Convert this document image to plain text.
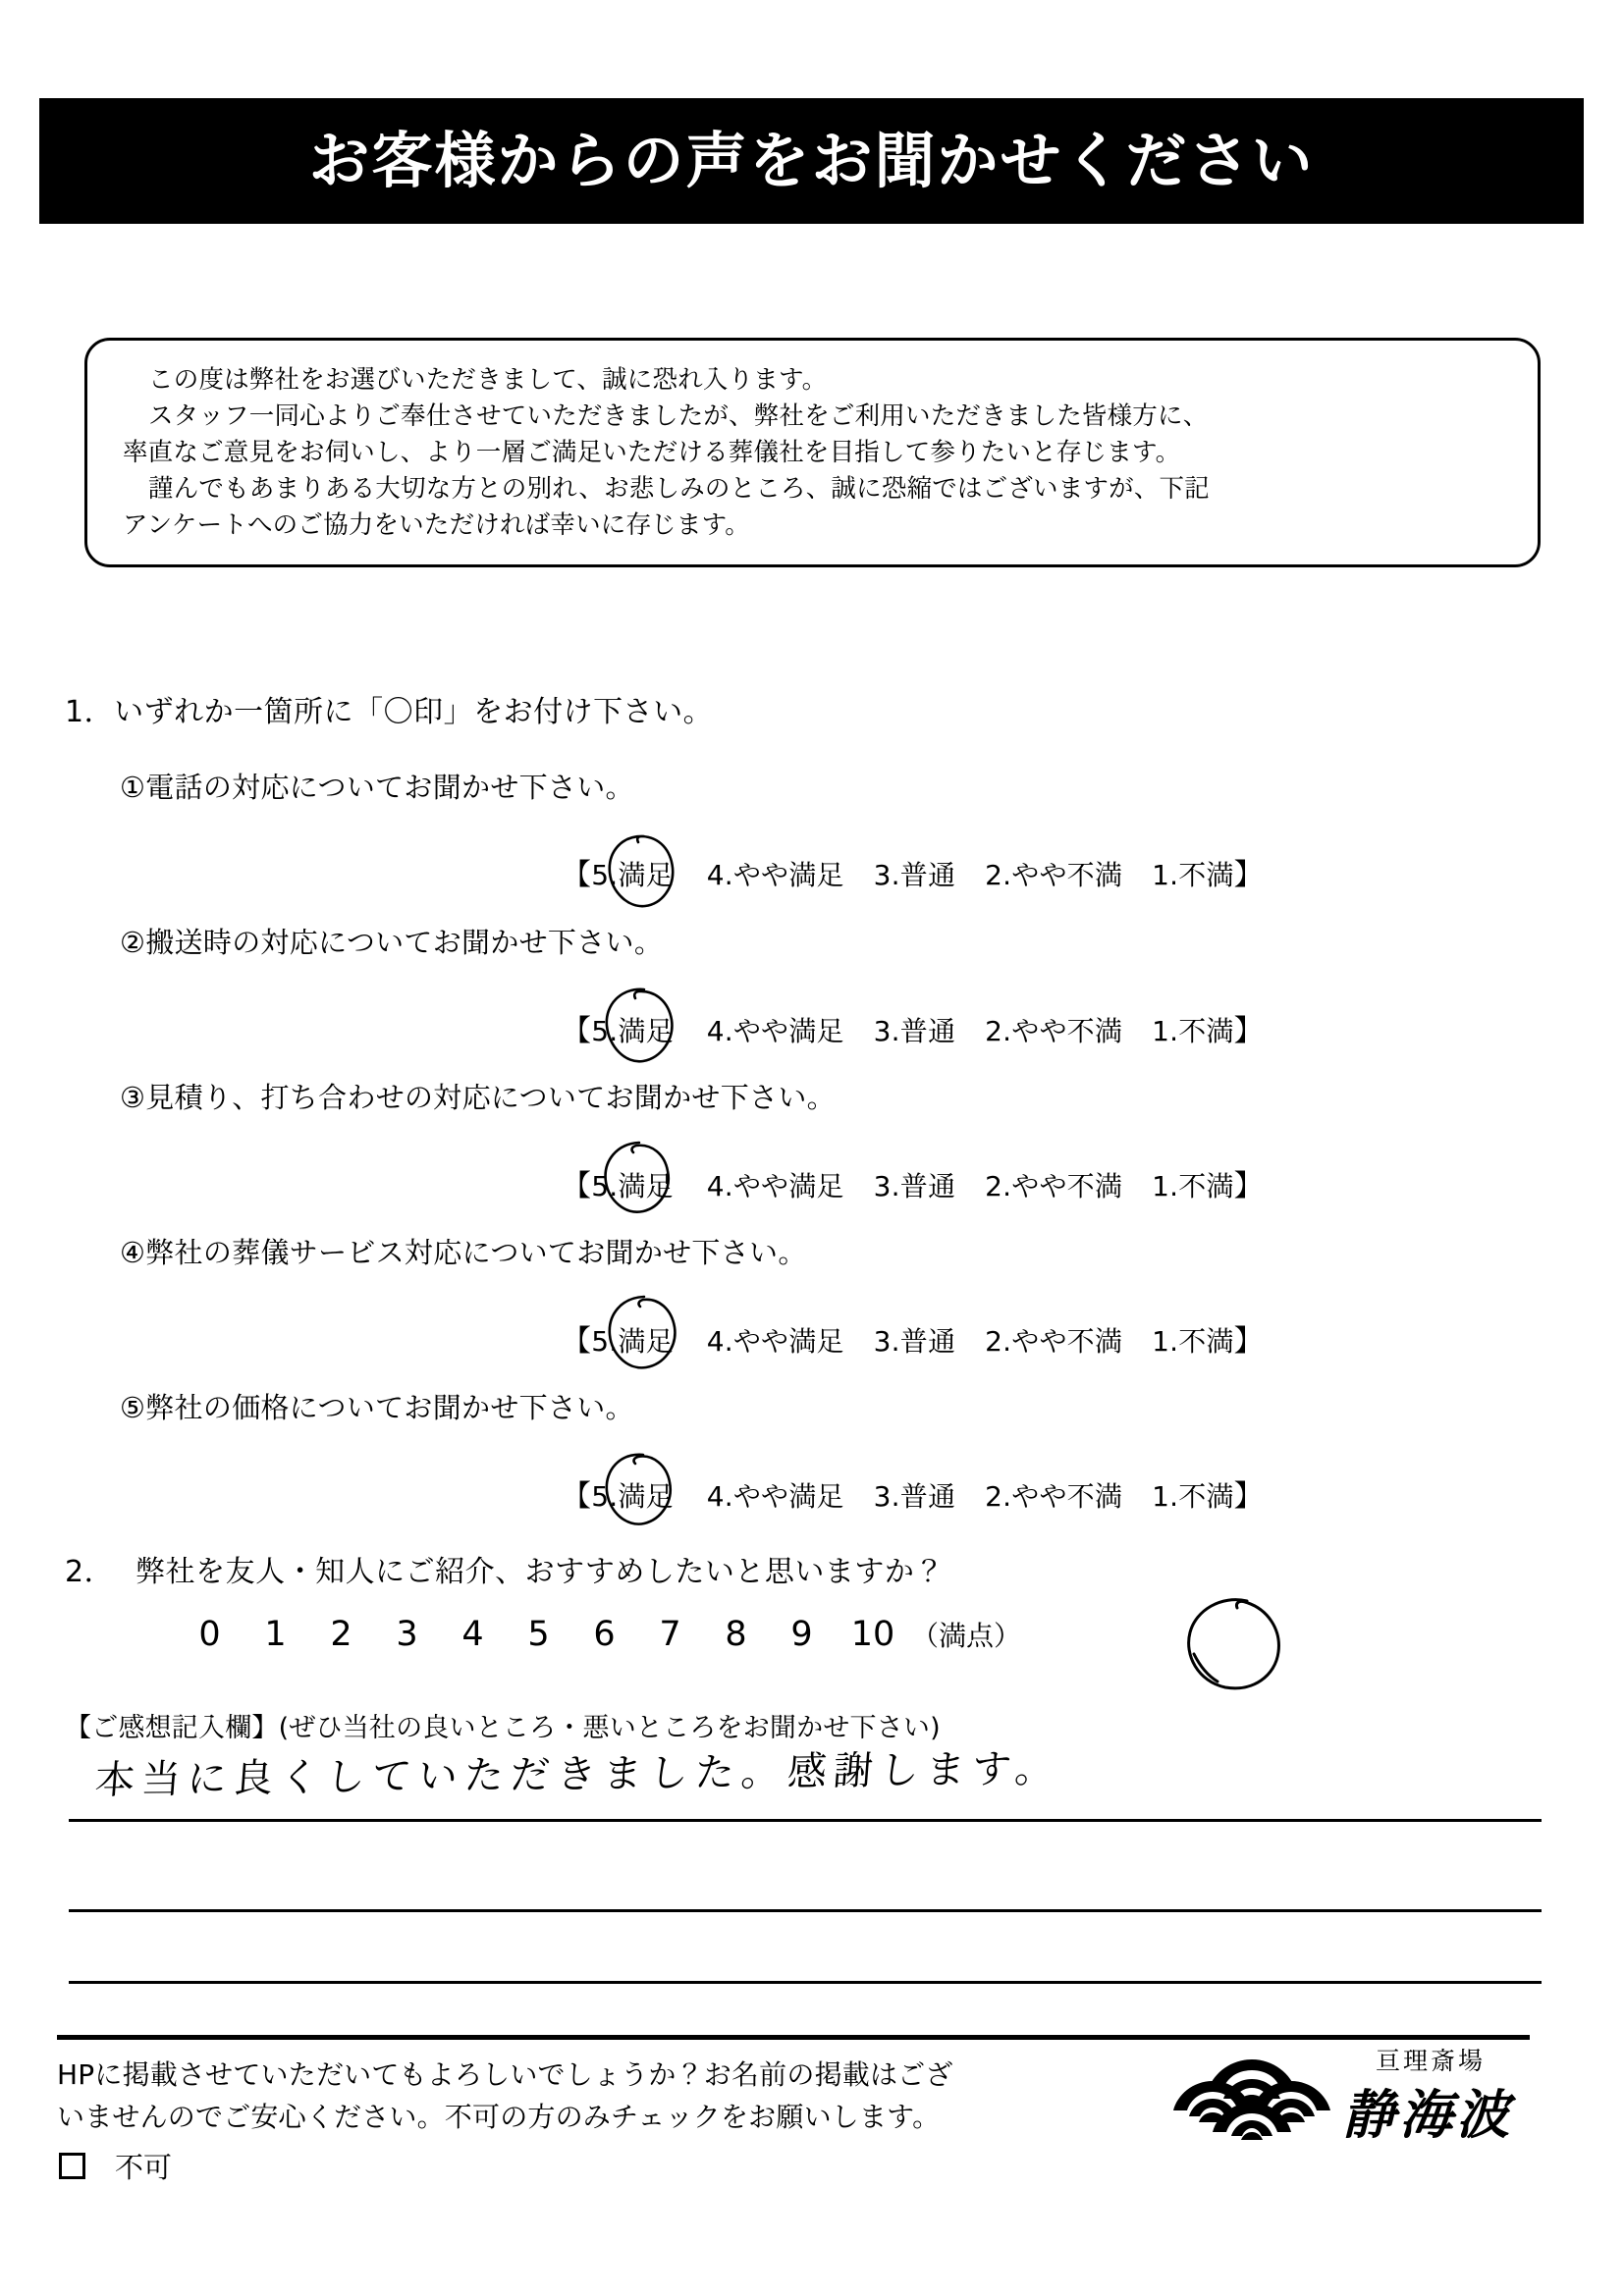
お客様からの声をお聞かせください

この度は弊社をお選びいただきまして、誠に恐れ入ります。

スタッフ一同心よりご奉仕させていただきましたが、弊社をご利用いただきました皆様方に、

率直なご意見をお伺いし、より一層ご満足いただける葬儀社を目指して参りたいと存じます。

謹んでもあまりある大切な方との別れ、お悲しみのところ、誠に恐縮ではございますが、下記

アンケートへのご協力をいただければ幸いに存じます。

1．いずれか一箇所に「〇印」をお付け下さい。
①電話の対応についてお聞かせ下さい。
【5.満足 4.やや満足 3.普通 2.やや不満 1.不満】
②搬送時の対応についてお聞かせ下さい。
【5.満足 4.やや満足 3.普通 2.やや不満 1.不満】
③見積り、打ち合わせの対応についてお聞かせ下さい。
【5.満足 4.やや満足 3.普通 2.やや不満 1.不満】
④弊社の葬儀サービス対応についてお聞かせ下さい。
【5.満足 4.やや満足 3.普通 2.やや不満 1.不満】
⑤弊社の価格についてお聞かせ下さい。
【5.満足 4.やや満足 3.普通 2.やや不満 1.不満】
2． 弊社を友人・知人にご紹介、おすすめしたいと思いますか？
0 1 2 3 4 5 6 7 8 9 10 （満点）
【ご感想記入欄】(ぜひ当社の良いところ・悪いところをお聞かせ下さい)
本当に良くしていただきました。感謝します。

HPに掲載させていただいてもよろしいでしょうか？お名前の掲載はござ

いませんのでご安心ください。不可の方のみチェックをお願いします。

不可
亘理斎場
静海波
